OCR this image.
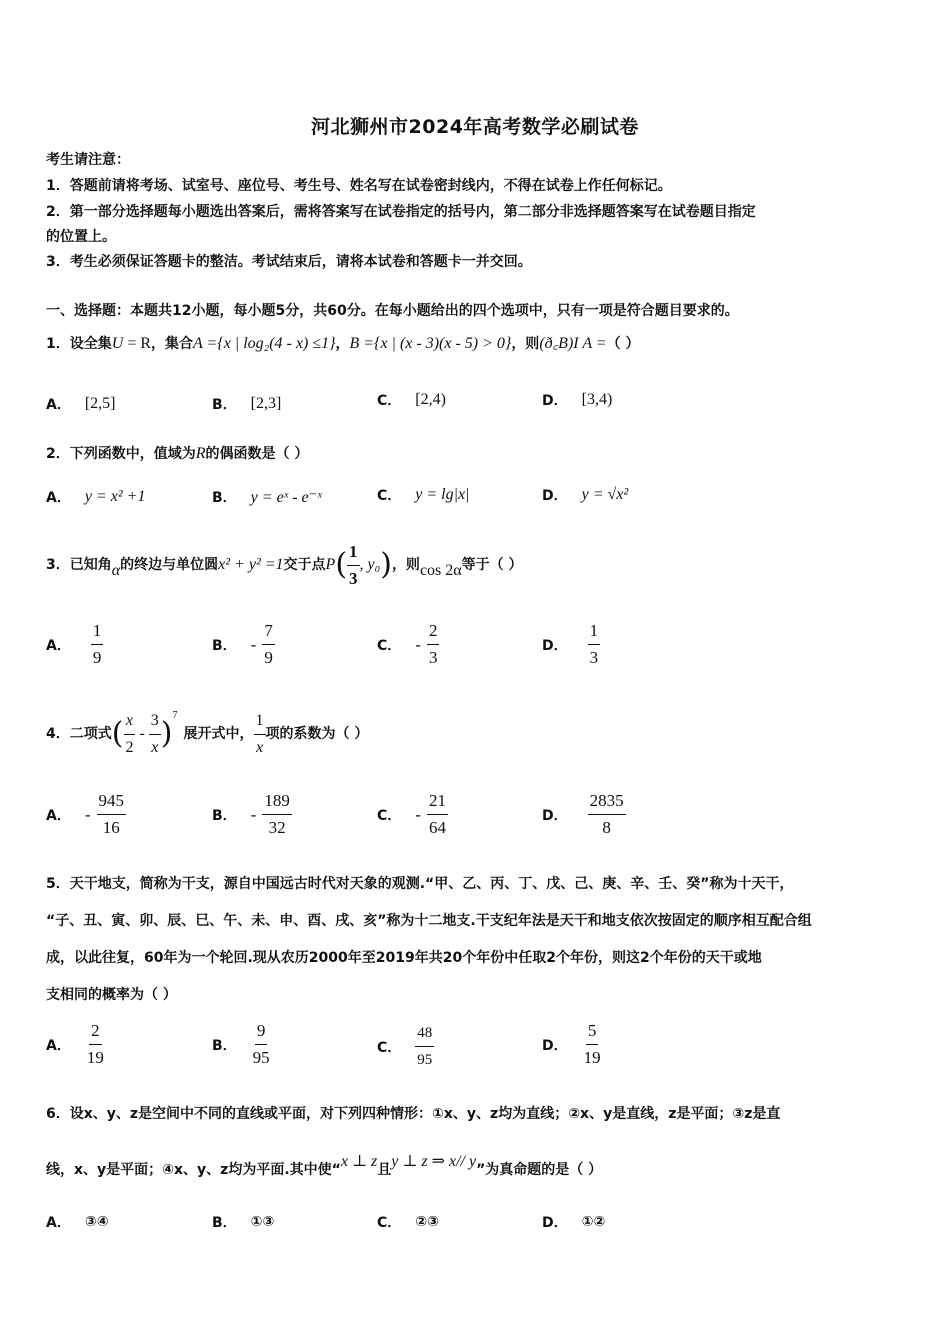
河北狮州市2024年高考数学必刷试卷
考生请注意：
1．答题前请将考场、试室号、座位号、考生号、姓名写在试卷密封线内，不得在试卷上作任何标记。
2．第一部分选择题每小题选出答案后，需将答案写在试卷指定的括号内，第二部分非选择题答案写在试卷题目指定
的位置上。
3．考生必须保证答题卡的整洁。考试结束后，请将本试卷和答题卡一并交回。
一、选择题：本题共12小题，每小题5分，共60分。在每小题给出的四个选项中，只有一项是符合题目要求的。
1．设全集U = R，集合A ={x | log₂(4 - x) ≤1}，B ={x | (x - 3)(x - 5) > 0}，则(ð꜀B)I A =（ ）
A． [2,5]	B． [2,3]	C． [2,4)	D． [3,4)
2．下列函数中，值域为R的偶函数是（ ）
A． y = x² +1	B． y = eˣ - e⁻ˣ	C． y = lg|x|	D． y = √x²
3．已知角 α 的终边与单位圆 x² + y² =1 交于点 P ( $\frac{1}{3}$ , y₀ ) ，则 cos 2α 等于（ ）
A． $\frac{1}{9}$	B． - $\frac{7}{9}$	C． - $\frac{2}{3}$	D． $\frac{1}{3}$
4．二项式 ( $\frac{x}{2} - \frac{3}{x}$ )
7
展开式中， $\frac{1}{x}$ 项的系数为（ ）
A． - $\frac{945}{16}$	B． - $\frac{189}{32}$	C． - $\frac{21}{64}$	D． $\frac{2835}{8}$
5．天干地支，简称为干支，源自中国远古时代对天象的观测.“甲、乙、丙、丁、戊、己、庚、辛、壬、癸”称为十天干，
“子、丑、寅、卯、辰、巳、午、未、申、酉、戌、亥”称为十二地支.干支纪年法是天干和地支依次按固定的顺序相互配合组
成，以此往复，60年为一个轮回.现从农历2000年至2019年共20个年份中任取2个年份，则这2个年份的天干或地
支相同的概率为（ ）
A． $\frac{2}{19}$	B． $\frac{9}{95}$	C． $\frac{48}{95}$	D． $\frac{5}{19}$
6．设x、y、z是空间中不同的直线或平面，对下列四种情形：①x、y、z均为直线；②x、y是直线，z是平面；③z是直
线，x、y是平面；④x、y、z均为平面.其中使“x ⊥ z且y ⊥ z ⇒ x// y”为真命题的是（ ）
A． ③④	B． ①③	C． ②③	D． ①②
